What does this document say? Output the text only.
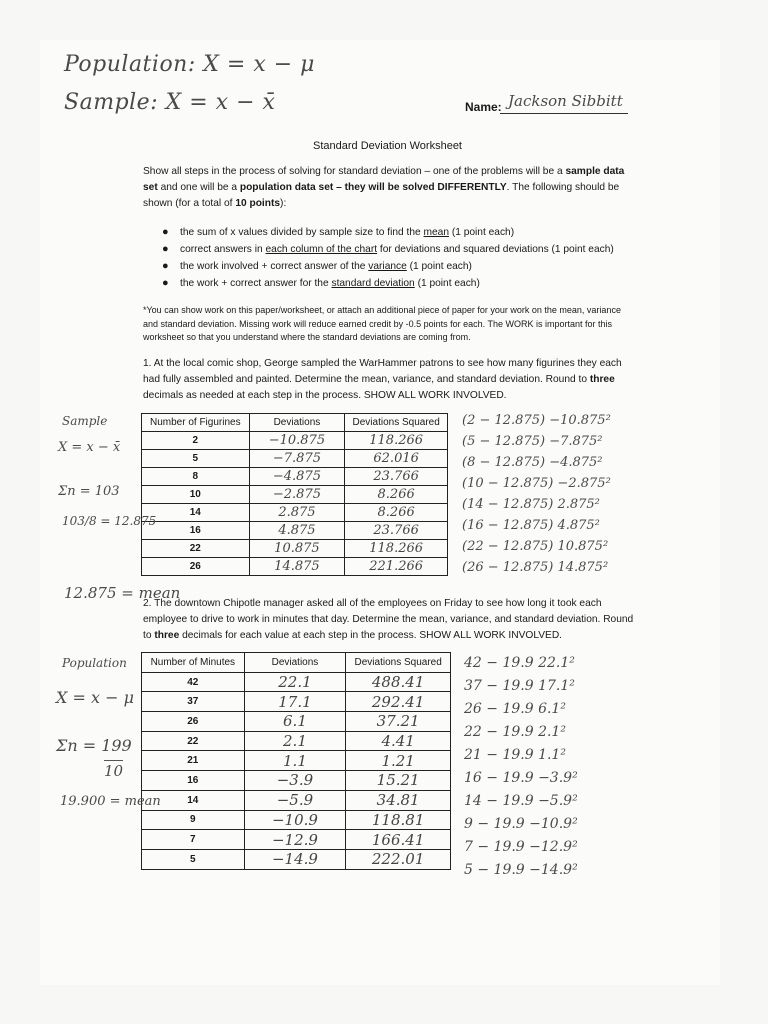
Population: X = x − μ
Sample: X = x − x̄	Name: Jackson Sibbitt
Standard Deviation Worksheet
Show all steps in the process of solving for standard deviation – one of the problems will be a sample data set and one will be a population data set – they will be solved DIFFERENTLY. The following should be shown (for a total of 10 points):
● the sum of x values divided by sample size to find the mean (1 point each)
● correct answers in each column of the chart for deviations and squared deviations (1 point each)
● the work involved + correct answer of the variance (1 point each)
● the work + correct answer for the standard deviation (1 point each)
*You can show work on this paper/worksheet, or attach an additional piece of paper for your work on the mean, variance and standard deviation. Missing work will reduce earned credit by -0.5 points for each. The WORK is important for this worksheet so that you understand where the standard deviations are coming from.
1. At the local comic shop, George sampled the WarHammer patrons to see how many figurines they each had fully assembled and painted. Determine the mean, variance, and standard deviation. Round to three decimals as needed at each step in the process. SHOW ALL WORK INVOLVED.
Number of Figurines	Deviations	Deviations Squared
2	−10.875	118.266
5	−7.875	62.016
8	−4.875	23.766
10	−2.875	8.266
14	2.875	8.266
16	4.875	23.766
22	10.875	118.266
26	14.875	221.266
Sample
X = x − x̄
Σn = 103
103/8 = 12.875
12.875 = mean
(2 − 12.875) −10.875²
(5 − 12.875) −7.875²
(8 − 12.875) −4.875²
(10 − 12.875) −2.875²
(14 − 12.875) 2.875²
(16 − 12.875) 4.875²
(22 − 12.875) 10.875²
(26 − 12.875) 14.875²
2. The downtown Chipotle manager asked all of the employees on Friday to see how long it took each employee to drive to work in minutes that day. Determine the mean, variance, and standard deviation. Round to three decimals for each value at each step in the process. SHOW ALL WORK INVOLVED.
Number of Minutes	Deviations	Deviations Squared
42	22.1	488.41
37	17.1	292.41
26	6.1	37.21
22	2.1	4.41
21	1.1	1.21
16	−3.9	15.21
14	−5.9	34.81
9	−10.9	118.81
7	−12.9	166.41
5	−14.9	222.01
Population
X = x − μ
Σn = 199
10
19.900 = mean
42 − 19.9 22.1²
37 − 19.9 17.1²
26 − 19.9 6.1²
22 − 19.9 2.1²
21 − 19.9 1.1²
16 − 19.9 −3.9²
14 − 19.9 −5.9²
9 − 19.9 −10.9²
7 − 19.9 −12.9²
5 − 19.9 −14.9²
